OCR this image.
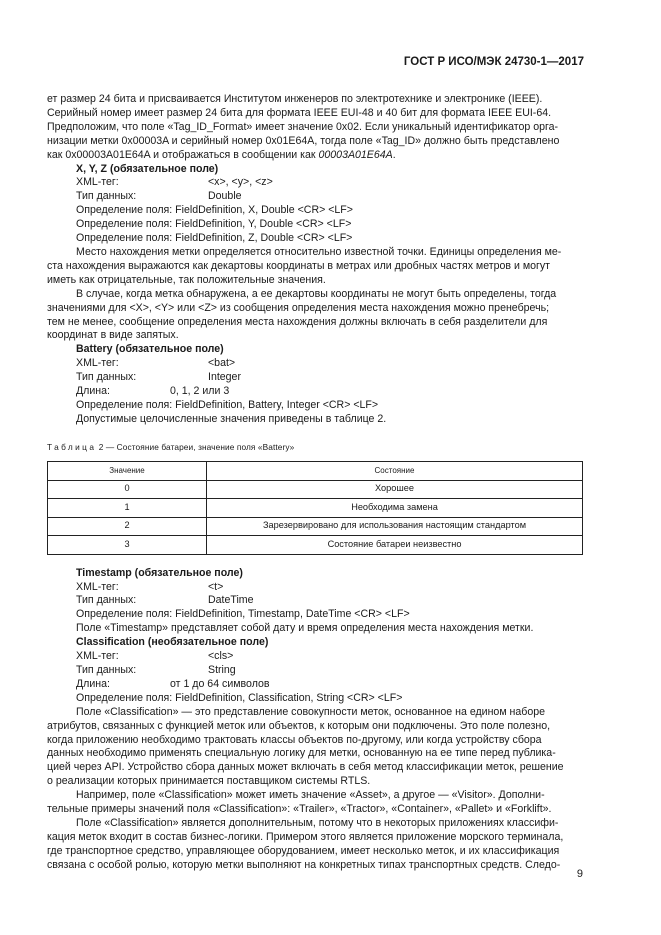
ГОСТ Р ИСО/МЭК 24730-1—2017

ет размер 24 бита и присваивается Институтом инженеров по электротехнике и электронике (IEEE).

Серийный номер имеет размер 24 бита для формата IEEE EUI-48 и 40 бит для формата IEEE EUI-64.

Предположим, что поле «Tag_ID_Format» имеет значение 0x02. Если уникальный идентификатор орга-

низации метки 0x00003A и серийный номер 0x01E64A, тогда поле «Tag_ID» должно быть представлено

как 0x00003A01E64A и отображаться в сообщении как 00003A01E64A.

X, Y, Z (обязательное поле)

XML-тег:	<x>, <y>, <z>
Тип данных:	Double

Определение поля: FieldDefinition, X, Double <CR> <LF>

Определение поля: FieldDefinition, Y, Double <CR> <LF>

Определение поля: FieldDefinition, Z, Double <CR> <LF>

Место нахождения метки определяется относительно известной точки. Единицы определения ме-

ста нахождения выражаются как декартовы координаты в метрах или дробных частях метров и могут

иметь как отрицательные, так положительные значения.

В случае, когда метка обнаружена, а ее декартовы координаты не могут быть определены, тогда

значениями для <X>, <Y> или <Z> из сообщения определения места нахождения можно пренебречь;

тем не менее, сообщение определения места нахождения должны включать в себя разделители для

координат в виде запятых.

Battery (обязательное поле)

XML-тег:	<bat>
Тип данных:	Integer
Длина:	0, 1, 2 или 3

Определение поля: FieldDefinition, Battery, Integer <CR> <LF>

Допустимые целочисленные значения приведены в таблице 2.

Таблица 2 — Состояние батареи, значение поля «Battery»

Значение	Состояние
0	Хорошее
1	Необходима замена
2	Зарезервировано для использования настоящим стандартом
3	Состояние батареи неизвестно

Timestamp (обязательное поле)

XML-тег:	<t>
Тип данных:	DateTime

Определение поля: FieldDefinition, Timestamp, DateTime <CR> <LF>

Поле «Timestamp» представляет собой дату и время определения места нахождения метки.

Classification (необязательное поле)

XML-тег:	<cls>
Тип данных:	String
Длина:	от 1 до 64 символов

Определение поля: FieldDefinition, Classification, String <CR> <LF>

Поле «Classification» — это представление совокупности меток, основанное на едином наборе

атрибутов, связанных с функцией меток или объектов, к которым они подключены. Это поле полезно,

когда приложению необходимо трактовать классы объектов по-другому, или когда устройству сбора

данных необходимо применять специальную логику для метки, основанную на ее типе перед публика-

цией через API. Устройство сбора данных может включать в себя метод классификации меток, решение

о реализации которых принимается поставщиком системы RTLS.

Например, поле «Classification» может иметь значение «Asset», а другое — «Visitor». Дополни-

тельные примеры значений поля «Classification»: «Trailer», «Tractor», «Container», «Pallet» и «Forklift».

Поле «Classification» является дополнительным, потому что в некоторых приложениях классифи-

кация меток входит в состав бизнес-логики. Примером этого является приложение морского терминала,

где транспортное средство, управляющее оборудованием, имеет несколько меток, и их классификация

связана с особой ролью, которую метки выполняют на конкретных типах транспортных средств. Следо-

9
